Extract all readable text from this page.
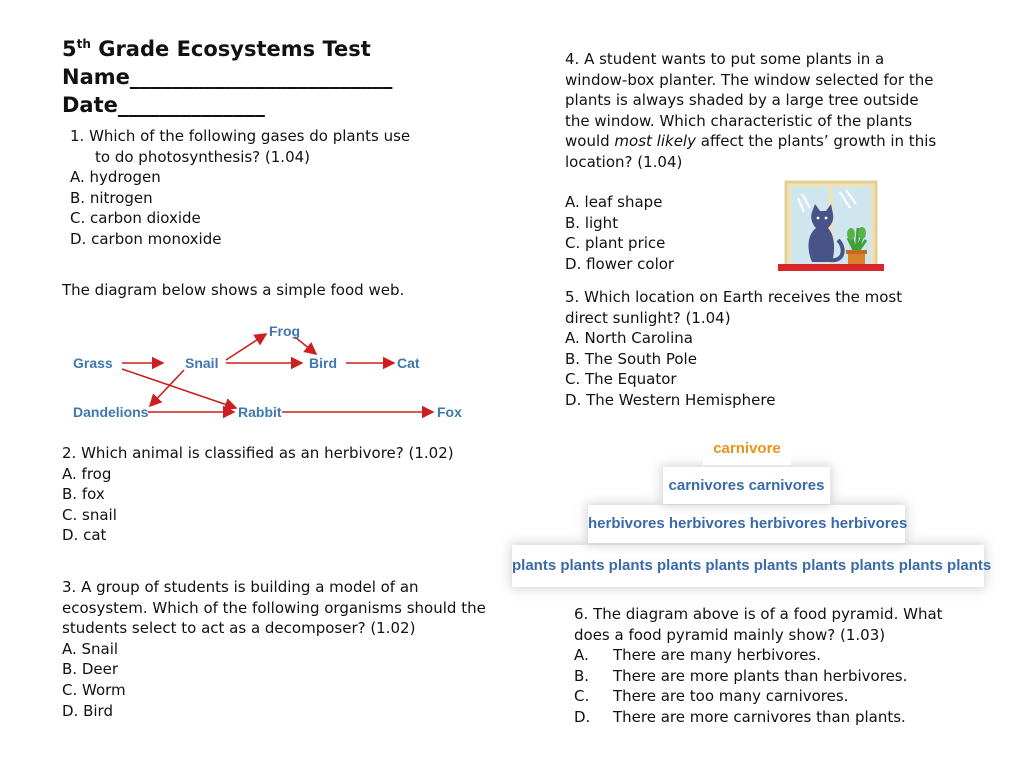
5th Grade Ecosystems Test
Name_________________________
Date______________
1. Which of the following gases do plants use
to do photosynthesis? (1.04)
A. hydrogen
B. nitrogen
C. carbon dioxide
D. carbon monoxide
The diagram below shows a simple food web.
Grass	Snail
Frog
Bird	Cat
Dandelions	Rabbit	Fox
2. Which animal is classified as an herbivore? (1.02)
A. frog
B. fox
C. snail
D. cat
3. A group of students is building a model of an
ecosystem. Which of the following organisms should the
students select to act as a decomposer? (1.02)
A. Snail
B. Deer
C. Worm
D. Bird
4. A student wants to put some plants in a
window-box planter. The window selected for the
plants is always shaded by a large tree outside
the window. Which characteristic of the plants
would most likely affect the plants’ growth in this
location? (1.04)
A. leaf shape
B. light
C. plant price
D. flower color
5. Which location on Earth receives the most
direct sunlight? (1.04)
A. North Carolina
B. The South Pole
C. The Equator
D. The Western Hemisphere
plants plants plants plants plants plants plants plants plants plants
herbivores herbivores herbivores herbivores
carnivores carnivores
carnivore
6. The diagram above is of a food pyramid. What
does a food pyramid mainly show? (1.03)
A.	There are many herbivores.
B.	There are more plants than herbivores.
C.	There are too many carnivores.
D.	There are more carnivores than plants.
